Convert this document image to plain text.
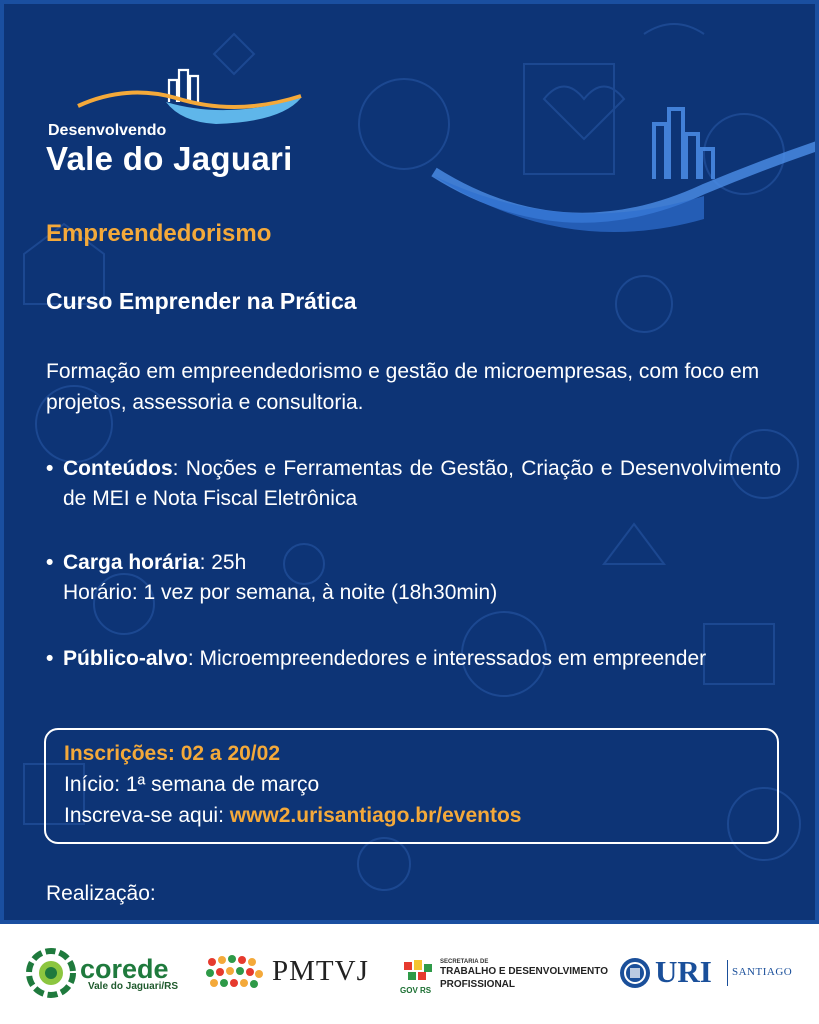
Desenvolvendo
Vale do Jaguari
Empreendedorismo
Curso Emprender na Prática
Formação em empreendedorismo e gestão de microempresas, com foco em projetos, assessoria e consultoria.
• Conteúdos: Noções e Ferramentas de Gestão, Criação e Desenvolvimento de MEI e Nota Fiscal Eletrônica
• Carga horária: 25h
Horário: 1 vez por semana, à noite (18h30min)
• Público-alvo: Microempreendedores e interessados em empreender
Inscrições: 02 a 20/02
Início: 1ª semana de março
Inscreva-se aqui: www2.urisantiago.br/eventos
Realização:
corede
Vale do Jaguari/RS	PMTVJ
GOV RS
SECRETARIA DE
TRABALHO E DESENVOLVIMENTO
PROFISSIONAL	URI SANTIAGO
